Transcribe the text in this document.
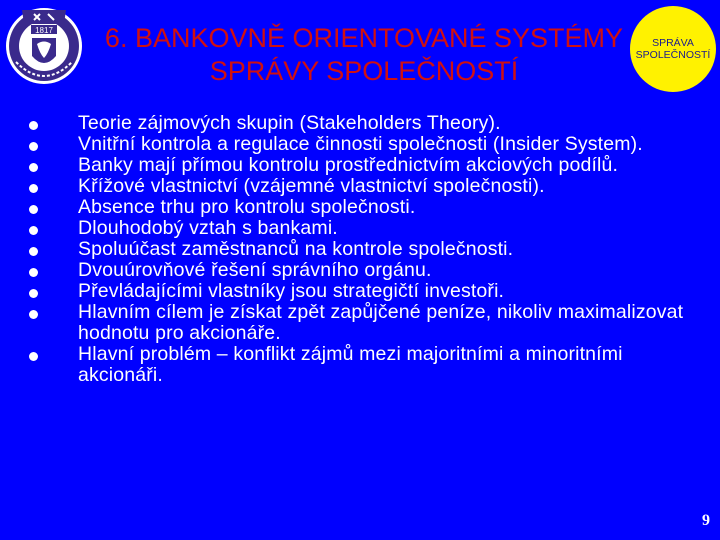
1817	6. BANKOVNĚ ORIENTOVANÉ SYSTÉMY SPRÁVY SPOLEČNOSTÍ
SPRÁVA
SPOLEČNOSTÍ
Teorie zájmových skupin (Stakeholders Theory).
Vnitřní kontrola a regulace činnosti společnosti (Insider System).
Banky mají přímou kontrolu prostřednictvím akciových podílů.
Křížové vlastnictví (vzájemné vlastnictví společnosti).
Absence trhu pro kontrolu společnosti.
Dlouhodobý vztah s bankami.
Spoluúčast zaměstnanců na kontrole společnosti.
Dvouúrovňové řešení správního orgánu.
Převládajícími vlastníky jsou strategičtí investoři.
Hlavním cílem je získat zpět zapůjčené peníze, nikoliv maximalizovat hodnotu pro akcionáře.
Hlavní problém – konflikt zájmů mezi majoritními a minoritními akcionáři.
9
